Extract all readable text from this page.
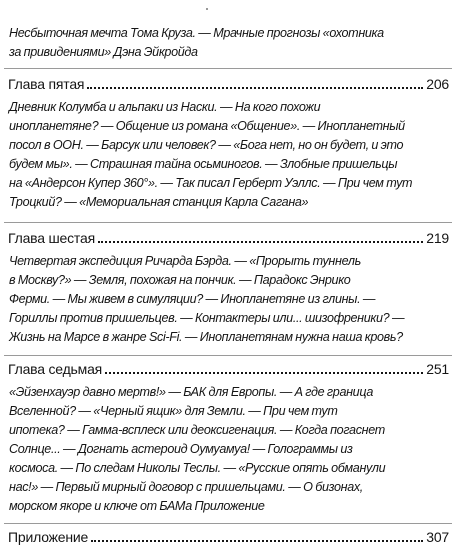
Несбыточная мечта Тома Круза. — Мрачные прогнозы «охотника
за привидениями» Дэна Эйкройда
Глава пятая	206
Дневник Колумба и альпаки из Наски. — На кого похожи
инопланетяне? — Общение из романа «Общение». — Инопланетный
посол в ООН. — Барсук или человек? — «Бога нет, но он будет, и это
будем мы». — Страшная тайна осьминогов. — Злобные пришельцы
на «Андерсон Купер 360°». — Так писал Герберт Уэллс. — При чем тут
Троцкий? — «Мемориальная станция Карла Сагана»
Глава шестая	219
Четвертая экспедиция Ричарда Бэрда. — «Прорыть туннель
в Москву?» — Земля, похожая на пончик. — Парадокс Энрико
Ферми. — Мы живем в симуляции? — Инопланетяне из глины. —
Гориллы против пришельцев. — Контактеры или... шизофреники? —
Жизнь на Марсе в жанре Sci-Fi. — Инопланетянам нужна наша кровь?
Глава седьмая	251
«Эйзенхауэр давно мертв!» — БАК для Европы. — А где граница
Вселенной? — «Черный ящик» для Земли. — При чем тут
ипотека? — Гамма-всплеск или деоксигенация. — Когда погаснет
Солнце... — Догнать астероид Оумуамуа! — Голограммы из
космоса. — По следам Николы Теслы. — «Русские опять обманули
нас!» — Первый мирный договор с пришельцами. — О бизонах,
морском якоре и ключе от БАМа Приложение
Приложение	307
